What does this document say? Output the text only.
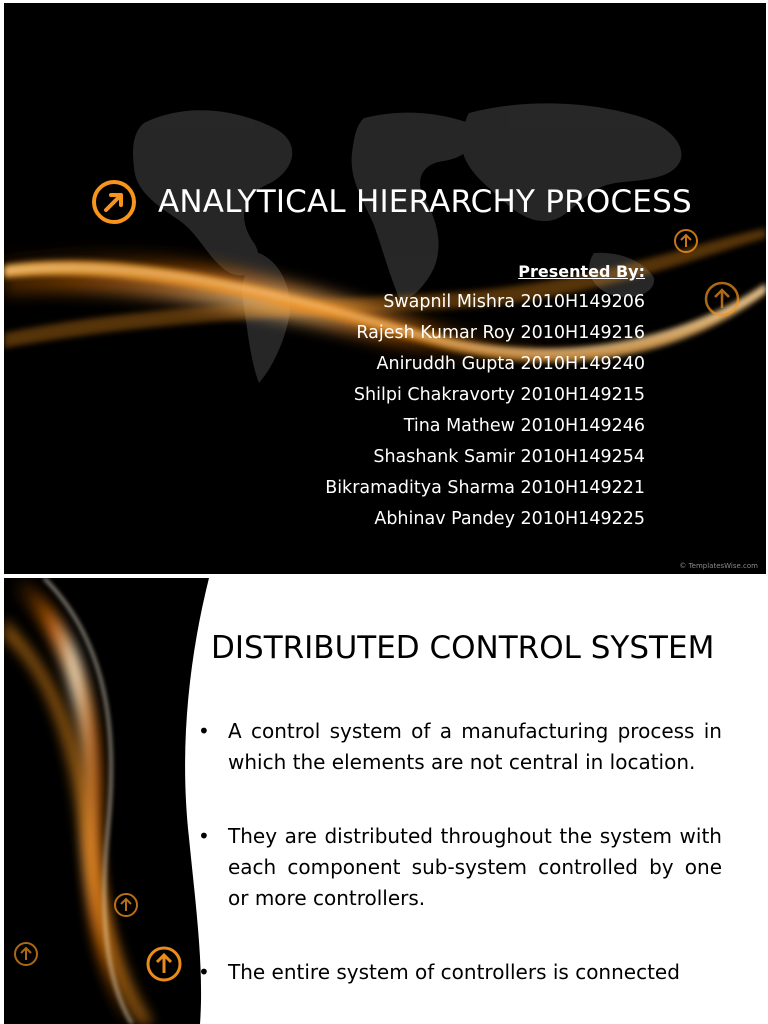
ANALYTICAL HIERARCHY PROCESS
Presented By:
Swapnil Mishra 2010H149206
Rajesh Kumar Roy 2010H149216
Aniruddh Gupta 2010H149240
Shilpi Chakravorty 2010H149215
Tina Mathew 2010H149246
Shashank Samir 2010H149254
Bikramaditya Sharma 2010H149221
Abhinav Pandey 2010H149225
© TemplatesWise.com
DISTRIBUTED CONTROL SYSTEM
• A control system of a manufacturing process in which the elements are not central in location.
• They are distributed throughout the system with each component sub-system controlled by one or more controllers.
• The entire system of controllers is connected
